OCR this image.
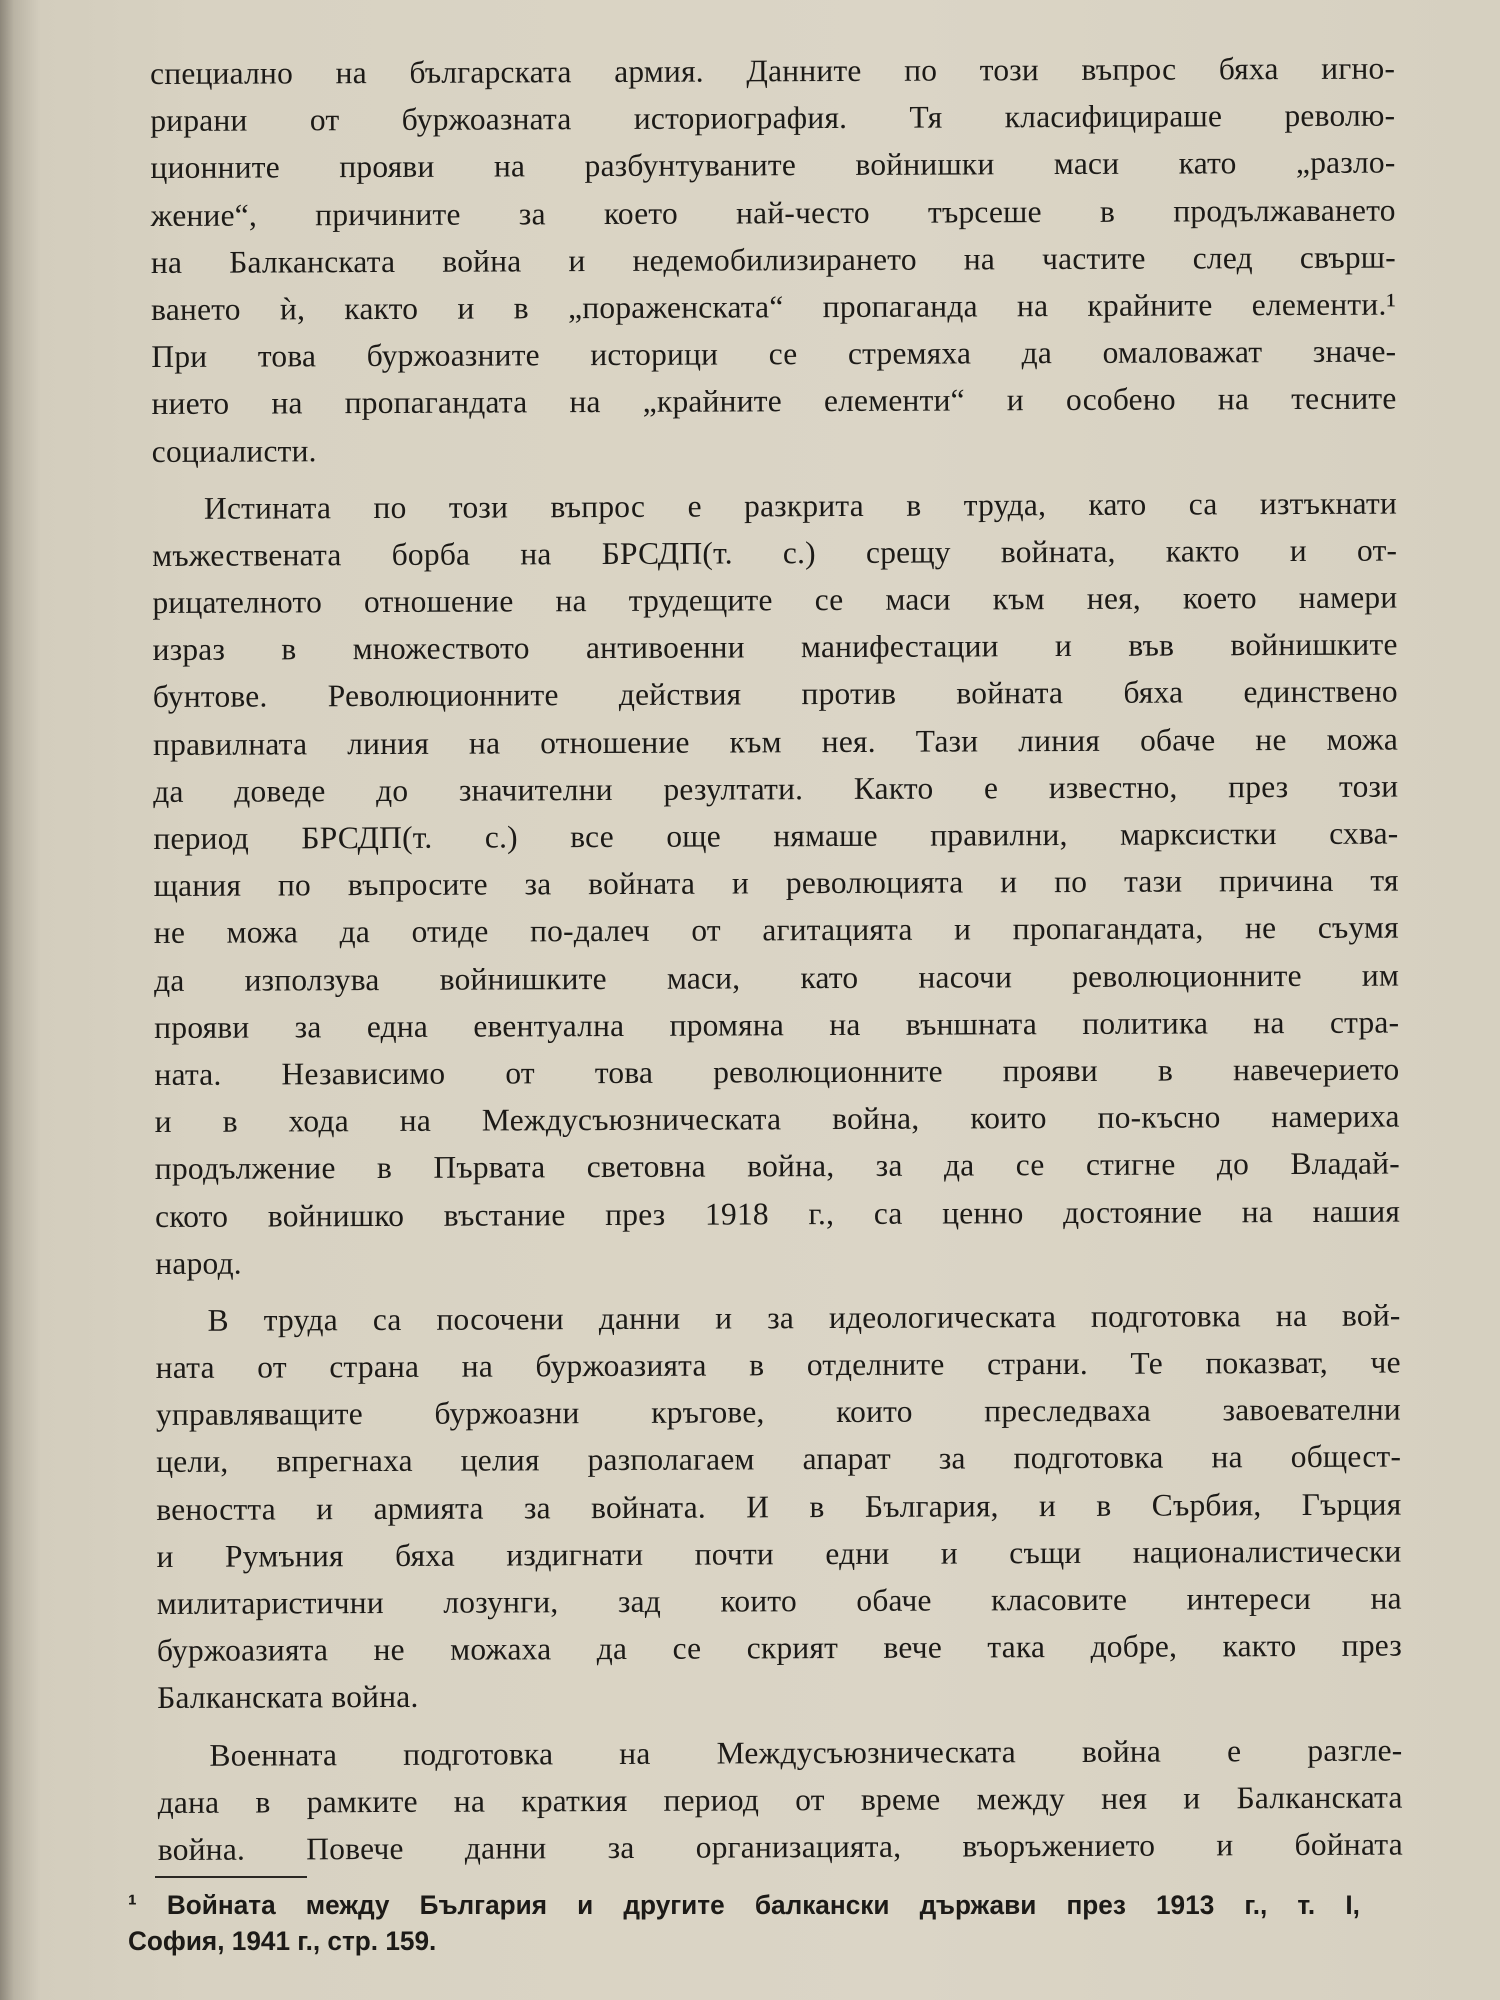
специално на българската армия. Данните по този въпрос бяха игно-
рирани от буржоазната историография. Тя класифицираше револю-
ционните прояви на разбунтуваните войнишки маси като „разло-
жение“, причините за което най-често търсеше в продължаването
на Балканската война и недемобилизирането на частите след свърш-
ването ѝ, както и в „пораженската“ пропаганда на крайните елементи.¹
При това буржоазните историци се стремяха да омаловажат значе-
нието на пропагандата на „крайните елементи“ и особено на тесните
социалисти.
Истината по този въпрос е разкрита в труда, като са изтъкнати
мъжествената борба на БРСДП(т. с.) срещу войната, както и от-
рицателното отношение на трудещите се маси към нея, което намери
израз в множеството антивоенни манифестации и във войнишките
бунтове. Революционните действия против войната бяха единствено
правилната линия на отношение към нея. Тази линия обаче не можа
да доведе до значителни резултати. Както е известно, през този
период БРСДП(т. с.) все още нямаше правилни, марксистки схва-
щания по въпросите за войната и революцията и по тази причина тя
не можа да отиде по-далеч от агитацията и пропагандата, не съумя
да използува войнишките маси, като насочи революционните им
прояви за една евентуална промяна на външната политика на стра-
ната. Независимо от това революционните прояви в навечерието
и в хода на Междусъюзническата война, които по-късно намериха
продължение в Първата световна война, за да се стигне до Владай-
ското войнишко въстание през 1918 г., са ценно достояние на нашия
народ.
В труда са посочени данни и за идеологическата подготовка на вой-
ната от страна на буржоазията в отделните страни. Те показват, че
управляващите буржоазни кръгове, които преследваха завоевателни
цели, впрегнаха целия разполагаем апарат за подготовка на общест-
веността и армията за войната. И в България, и в Сърбия, Гърция
и Румъния бяха издигнати почти едни и същи националистически
милитаристични лозунги, зад които обаче класовите интереси на
буржоазията не можаха да се скрият вече така добре, както през
Балканската война.
Военната подготовка на Междусъюзническата война е разгле-
дана в рамките на краткия период от време между нея и Балканската
война. Повече данни за организацията, въоръжението и бойната
¹ Войната между България и другите балкански държави през 1913 г., т. I,
София, 1941 г., стр. 159.
